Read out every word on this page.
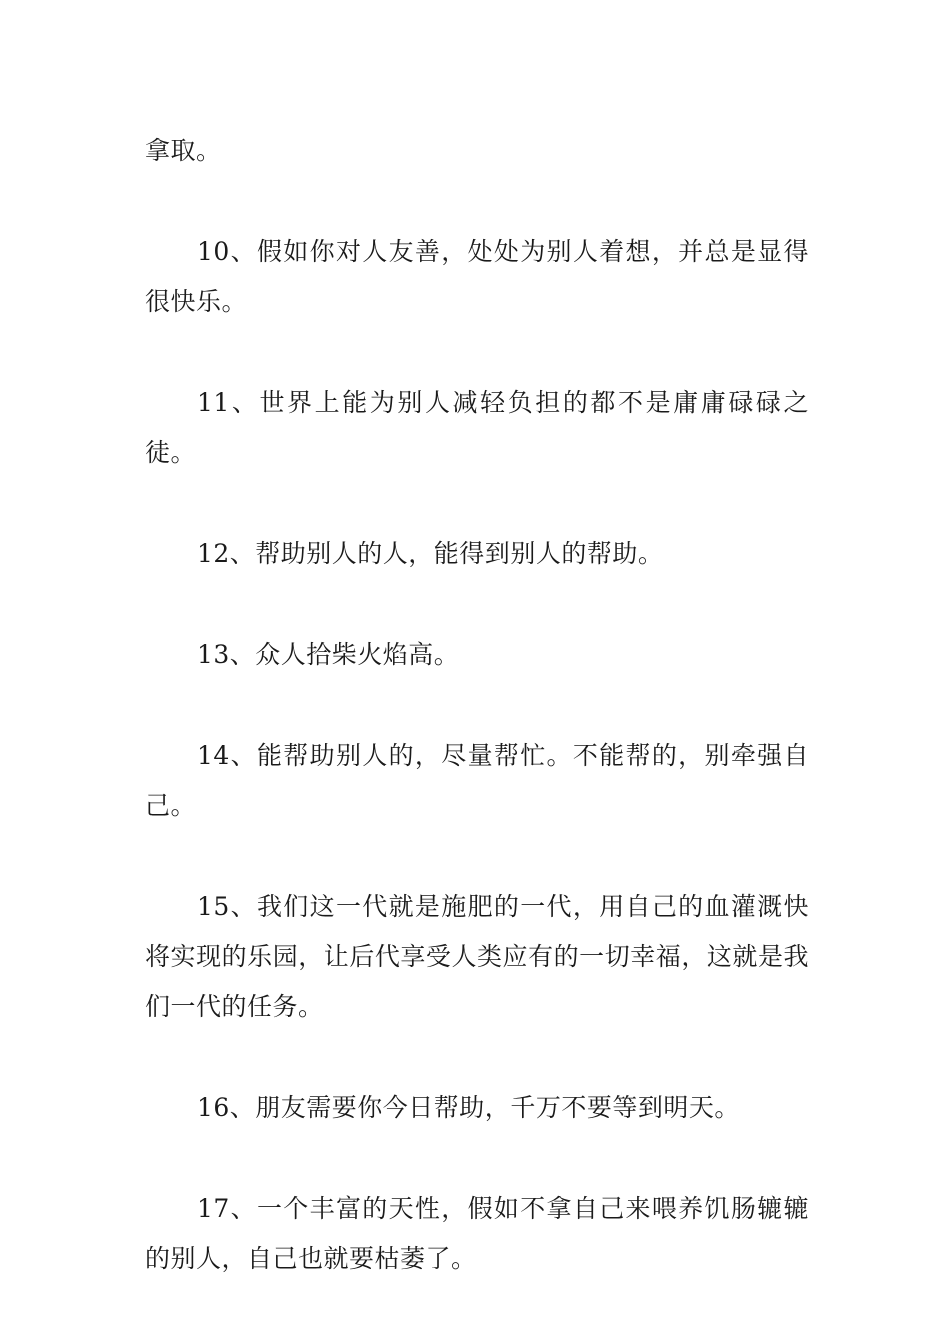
拿取。

10、假如你对人友善，处处为别人着想，并总是显得很快乐。

11、世界上能为别人减轻负担的都不是庸庸碌碌之徒。

12、帮助别人的人，能得到别人的帮助。

13、众人拾柴火焰高。

14、能帮助别人的，尽量帮忙。不能帮的，别牵强自己。

15、我们这一代就是施肥的一代，用自己的血灌溉快将实现的乐园，让后代享受人类应有的一切幸福，这就是我们一代的任务。

16、朋友需要你今日帮助，千万不要等到明天。

17、一个丰富的天性，假如不拿自己来喂养饥肠辘辘的别人，自己也就要枯萎了。
